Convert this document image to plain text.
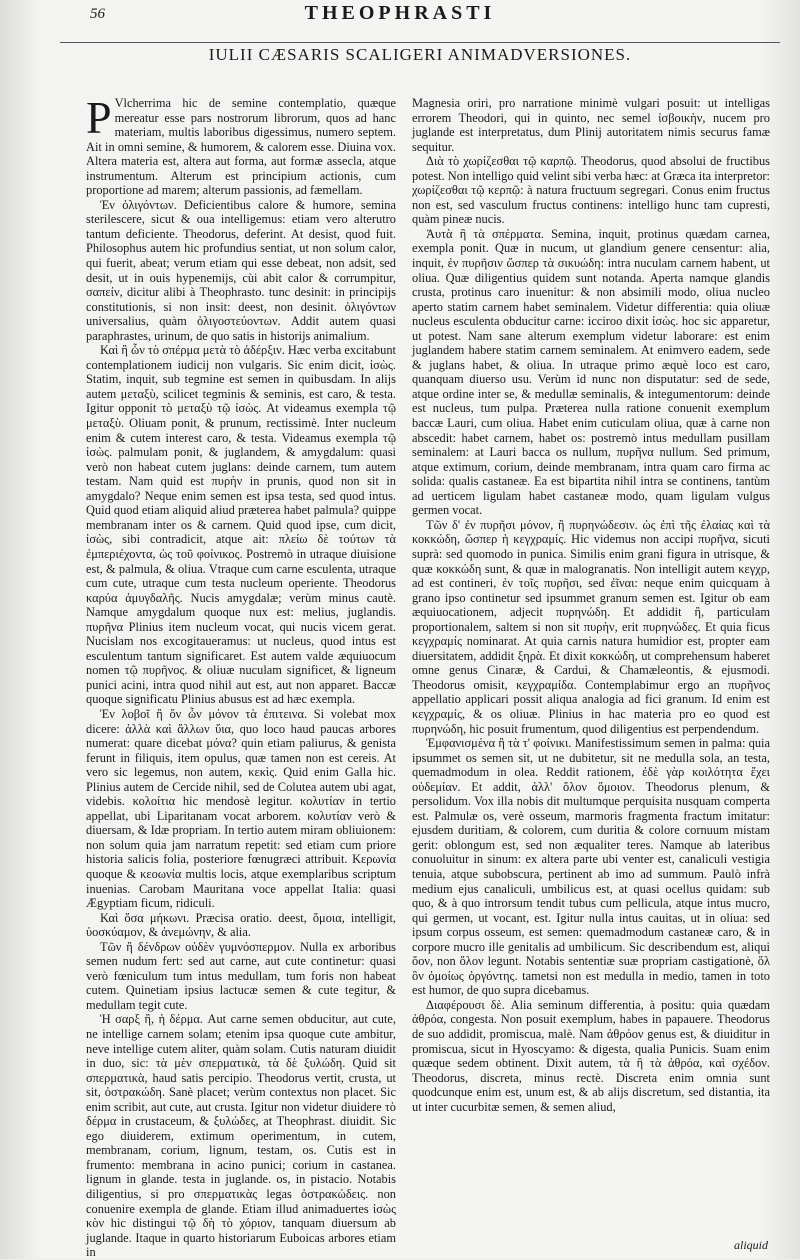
56	THEOPHRASTI
IULII CÆSARIS SCALIGERI ANIMADVERSIONES.

P Vlcherrima hic de semine contemplatio, quæque mereatur esse pars nostrorum librorum, quos ad hanc materiam, multis laboribus digessimus, numero septem. Ait in omni semine, & humorem, & calorem esse. Diuina vox. Altera materia est, altera aut forma, aut formæ assecla, atque instrumentum. Alterum est principium actionis, cum proportione ad marem; alterum passionis, ad fæmellam.

Ἐν ὀλιγόντων. Deficientibus calore & humore, semina sterilescere, sicut & oua intelligemus: etiam vero alterutro tantum deficiente. Theodorus, deferint. At desist, quod fuit. Philosophus autem hic profundius sentiat, ut non solum calor, qui fuerit, abeat; verum etiam qui esse debeat, non adsit, sed desit, ut in ouis hypenemijs, cùi abit calor & corrumpitur, σαπείν, dicitur alibi à Theophrasto. tunc desinit: in principijs constitutionis, si non insit: deest, non desinit. ὀλιγόντων universalius, quàm ὀλιγοστεύοντων. Addit autem quasi paraphrastes, urinum, de quo satis in historijs animalium.

Καὶ ἢ ὧν τὸ σπέρμα μετὰ τὸ ἀδέρξιν. Hæc verba excitabunt contemplationem iudicij non vulgaris. Sic enim dicit, ἰσὼς. Statim, inquit, sub tegmine est semen in quibusdam. In alijs autem μεταξὺ, scilicet tegminis & seminis, est caro, & testa. Igitur opponit τὸ μεταξὺ τῷ ἰσὼς. At videamus exempla τῷ μεταξὺ. Oliuam ponit, & prunum, rectissimè. Inter nucleum enim & cutem interest caro, & testa. Videamus exempla τῷ ἰσὼς. palmulam ponit, & juglandem, & amygdalum: quasi verò non habeat cutem juglans: deinde carnem, tum autem testam. Nam quid est πυρὴν in prunis, quod non sit in amygdalo? Neque enim semen est ipsa testa, sed quod intus. Quid quod etiam aliquid aliud præterea habet palmula? quippe membranam inter os & carnem. Quid quod ipse, cum dicit, ἰσὼς, sibi contradicit, atque ait: πλείω δὲ τούτων τὰ ἐμπεριέχοντα, ὡς τοῦ φοίνικος. Postremò in utraque diuisione est, & palmula, & oliua. Vtraque cum carne esculenta, utraque cum cute, utraque cum testa nucleum operiente. Theodorus καρύα ἀμυγδαλῆς. Nucis amygdalæ; verùm minus cautè. Namque amygdalum quoque nux est: melius, juglandis. πυρῆνα Plinius item nucleum vocat, qui nucis vicem gerat. Nucislam nos excogitaueramus: ut nucleus, quod intus est esculentum tantum significaret. Est autem valde æquiuocum nomen τῷ πυρῆνος. & oliuæ nuculam significet, & ligneum punici acini, intra quod nihil aut est, aut non apparet. Baccæ quoque significatu Plinius abusus est ad hæc exempla.

Ἐν λοβοῖ ἢ ὄν ὦν μόνον τὰ ἐπιτεινα. Si volebat mox dicere: ἀλλὰ καὶ ἄλλων ὕια, quo loco haud paucas arbores numerat: quare dicebat μόνα? quin etiam paliurus, & genista ferunt in filiquis, item opulus, quæ tamen non est cereis. At vero sic legemus, non autem, κεκὶς. Quid enim Galla hic. Plinius autem de Cercide nihil, sed de Colutea autem ubi agat, videbis. κολοίτια hic mendosè legitur. κολυτίαν in tertio appellat, ubi Liparitanam vocat arborem. κολυτίαν verò & diuersam, & Idæ propriam. In tertio autem miram obliuionem: non solum quia jam narratum repetit: sed etiam cum priore historia salicis folia, posteriore fœnugræci attribuit. Κερωνία quoque & κεοωνία multis locis, atque exemplaribus scriptum inuenias. Carobam Mauritana voce appellat Italia: quasi Ægyptiam ficum, ridiculi.

Καὶ ὅσα μήκωνι. Præcisa oratio. deest, ὅμοια, intelligit, ὑοσκύαμον, & ἀνεμώνην, & alia.

Τῶν ἢ δένδρων οὐδὲν γυμνόσπερμον. Nulla ex arboribus semen nudum fert: sed aut carne, aut cute continetur: quasi verò fœniculum tum intus medullam, tum foris non habeat cutem. Quinetiam ipsius lactucæ semen & cute tegitur, & medullam tegit cute.

Ἡ σαρξ ἢ, ἡ δέρμα. Aut carne semen obducitur, aut cute, ne intellige carnem solam; etenim ipsa quoque cute ambitur, neve intellige cutem aliter, quàm solam. Cutis naturam diuidit in duo, sic: τὰ μὲν σπερματικὰ, τὰ δὲ ξυλώδη. Quid sit σπερματικὰ, haud satis percipio. Theodorus vertit, crusta, ut sit, ὀστρακώδη. Sanè placet; verùm contextus non placet. Sic enim scribit, aut cute, aut crusta. Igitur non videtur diuidere τὸ δέρμα in crustaceum, & ξυλώδες, at Theophrast. diuidit. Sic ego diuiderem, extimum operimentum, in cutem, membranam, corium, lignum, testam, os. Cutis est in frumento: membrana in acino punici; corium in castanea. lignum in glande. testa in juglande. os, in pistacio. Notabis diligentius, si pro σπερματικὰς legas ὀστρακώδεις. non conuenire exempla de glande. Etiam illud animaduertes ἰσὼς κὸν hic distingui τῷ δὴ τὸ χόριον, tanquam diuersum ab juglande. Itaque in quarto historiarum Euboicas arbores etiam in

Magnesia oriri, pro narratione minimè vulgari posuit: ut intelligas errorem Theodori, qui in quinto, nec semel ἰσβοικὴν, nucem pro juglande est interpretatus, dum Plinij autoritatem nimis securus famæ sequitur.

Διὰ τὸ χωρίζεσθαι τῷ καρπῷ. Theodorus, quod absolui de fructibus potest. Non intelligo quid velint sibi verba hæc: at Græca ita interpretor: χωρίζεσθαι τῷ κερπῷ: à natura fructuum segregari. Conus enim fructus non est, sed vasculum fructus continens: intelligo hunc tam cupresti, quàm pineæ nucis.

Ἀυτὰ ἢ τὰ σπέρματα. Semina, inquit, protinus quædam carnea, exempla ponit. Quæ in nucum, ut glandium genere censentur: alia, inquit, ἐν πυρῆσιν ὥσπερ τὰ σικυώδη: intra nuculam carnem habent, ut oliua. Quæ diligentius quidem sunt notanda. Aperta namque glandis crusta, protinus caro inuenitur: & non absimili modo, oliua nucleo aperto statim carnem habet seminalem. Videtur differentia: quia oliuæ nucleus esculenta obducitur carne: icciroo dixit ἰσὼς. hoc sic apparetur, ut potest. Nam sane alterum exemplum videtur laborare: est enim juglandem habere statim carnem seminalem. At enimvero eadem, sede & juglans habet, & oliua. In utraque primo æquè loco est caro, quanquam diuerso usu. Verùm id nunc non disputatur: sed de sede, atque ordine inter se, & medullæ seminalis, & integumentorum: deinde est nucleus, tum pulpa. Præterea nulla ratione conuenit exemplum baccæ Lauri, cum oliua. Habet enim cuticulam oliua, quæ à carne non abscedit: habet carnem, habet os: postremò intus medullam pusillam seminalem: at Lauri bacca os nullum, πυρῆνα nullum. Sed primum, atque extimum, corium, deinde membranam, intra quam caro firma ac solida: qualis castaneæ. Ea est bipartita nihil intra se continens, tantùm ad uerticem ligulam habet castaneæ modo, quam ligulam vulgus germen vocat.

Τῶν δ' ἐν πυρῆσι μόνον, ἢ πυρηνώδεσιν. ὡς ἐπὶ τῆς ἐλαίας καὶ τὰ κοκκώδη, ὥσπερ ἡ κεγχραμίς. Hic videmus non accipi πυρῆνα, sicuti suprà: sed quomodo in punica. Similis enim grani figura in utrisque, & quæ κοκκώδη sunt, & quæ in malogranatis. Non intelligit autem κεγχρ, ad est contineri, ἐν τοῖς πυρῆσι, sed ἐῖναι: neque enim quicquam à grano ipso continetur sed ipsummet granum semen est. Igitur ob eam æquiuocationem, adjecit πυρηνώδη. Et addidit ἢ, particulam proportionalem, saltem si non sit πυρὴν, erit πυρηνώδες. Et quia ficus κεγχραμίς nominarat. At quia carnis natura humidior est, propter eam diuersitatem, addidit ξηρὰ. Et dixit κοκκώδη, ut comprehensum haberet omne genus Cinaræ, & Cardui, & Chamæleontis, & ejusmodi. Theodorus omisit, κεγχραμίδα. Contemplabimur ergo an πυρῆνος appellatio applicari possit aliqua analogia ad fici granum. Id enim est κεγχραμίς, & os oliuæ. Plinius in hac materia pro eo quod est πυρηνώδη, hic posuit frumentum, quod diligentius est perpendendum.

Ἐμφανισμένα ἢ τὰ τ' φοίνικι. Manifestissimum semen in palma: quia ipsummet os semen sit, ut ne dubitetur, sit ne medulla sola, an testa, quemadmodum in olea. Reddit rationem, ἐδὲ γὰρ κοιλότητα ἔχει οὐδεμίαν. Et addit, ἀλλ' ὅλον ὅμοιον. Theodorus plenum, & persolidum. Vox illa nobis dit multumque perquisita nusquam comperta est. Palmulæ os, verè osseum, marmoris fragmenta fractum imitatur: ejusdem duritiam, & colorem, cum duritia & colore cornuum mistam gerit: oblongum est, sed non æqualiter teres. Namque ab lateribus conuoluitur in sinum: ex altera parte ubi venter est, canaliculi vestigia tenuia, atque subobscura, pertinent ab imo ad summum. Paulò infrà medium ejus canaliculi, umbilicus est, at quasi ocellus quidam: sub quo, & à quo introrsum tendit tubus cum pellicula, atque intus mucro, qui germen, ut vocant, est. Igitur nulla intus cauitas, ut in oliua: sed ipsum corpus osseum, est semen: quemadmodum castaneæ caro, & in corpore mucro ille genitalis ad umbilicum. Sic describendum est, aliqui ὅον, non ὅλον legunt. Notabis sententiæ suæ propriam castigationè, ὅλ ὃν ὀμοίως ὀργόντης. tametsi non est medulla in medio, tamen in toto est humor, de quo supra dicebamus.

Διαφέρουσι δὲ. Alia seminum differentia, à positu: quia quædam ἀθρόα, congesta. Non posuit exemplum, habes in papauere. Theodorus de suo addidit, promiscua, malè. Nam ἀθρόον genus est, & diuiditur in promiscua, sicut in Hyoscyamo: & digesta, qualia Punicis. Suam enim quæque sedem obtinent. Dixit autem, τὰ ἢ τὰ ἀθρόα, καὶ σχέδον. Theodorus, discreta, minus rectè. Discreta enim omnia sunt quodcunque enim est, unum est, & ab alijs discretum, sed distantia, ita ut inter cucurbitæ semen, & semen aliud,

aliquid
